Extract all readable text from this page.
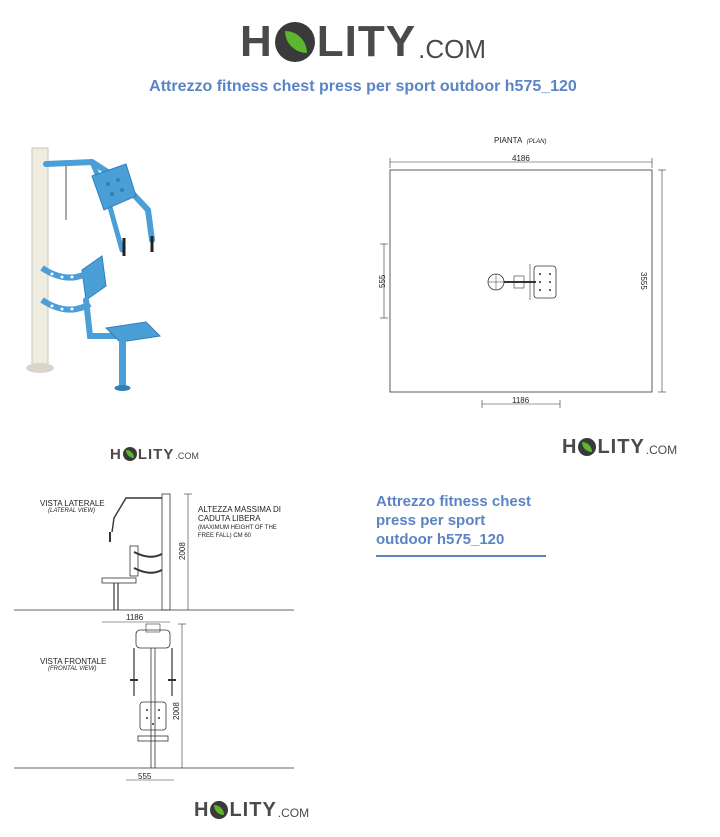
H LITY .COM
Attrezzo fitness chest press per sport outdoor h575_120
H LITY .COM
PIANTA (PLAN)
4186
3555
555
1186
H LITY .COM
Attrezzo fitness chest press per sport outdoor h575_120
VISTA LATERALE
(LATERAL VIEW)	ALTEZZA MASSIMA DI
CADUTA LIBERA
(MAXIMUM HEIGHT OF THE
FREE FALL) CM 60
2008
1186
VISTA FRONTALE
(FRONTAL VIEW)
2008
555
H LITY .COM
